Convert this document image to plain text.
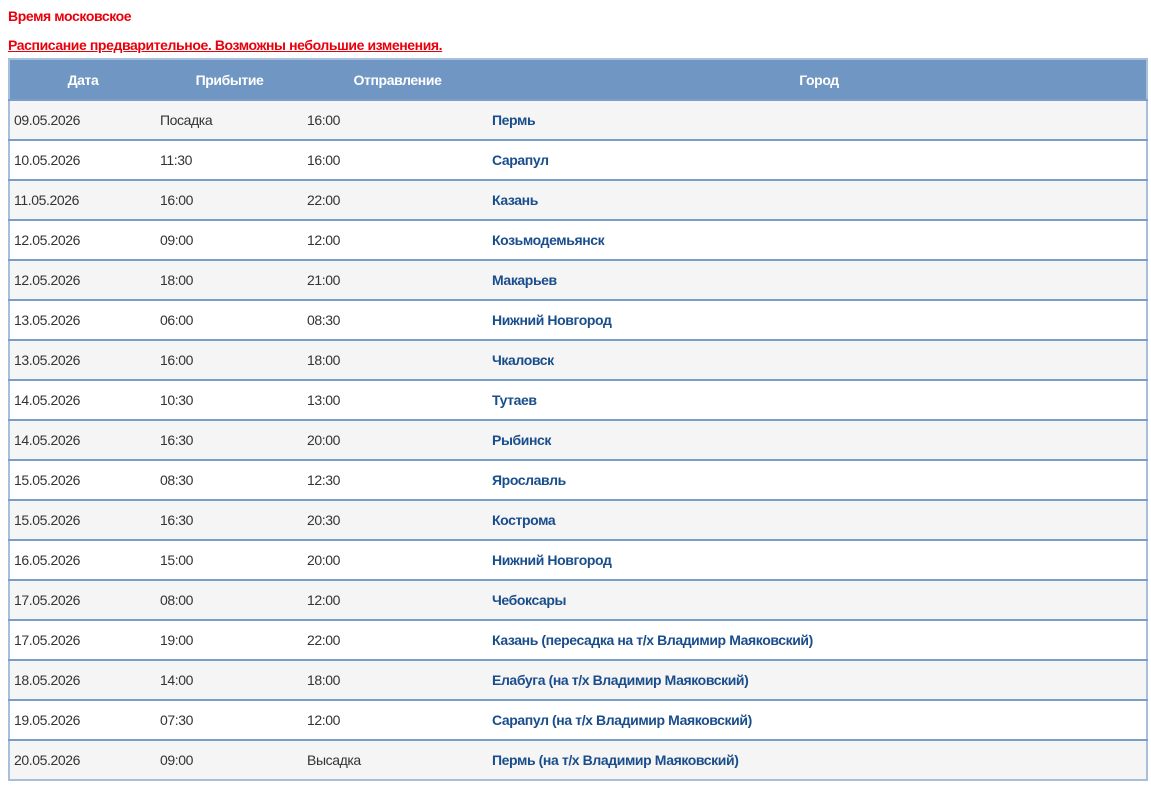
Время московское
Расписание предварительное. Возможны небольшие изменения.
Дата	Прибытие	Отправление	Город
09.05.2026	Посадка	16:00	Пермь
10.05.2026	11:30	16:00	Сарапул
11.05.2026	16:00	22:00	Казань
12.05.2026	09:00	12:00	Козьмодемьянск
12.05.2026	18:00	21:00	Макарьев
13.05.2026	06:00	08:30	Нижний Новгород
13.05.2026	16:00	18:00	Чкаловск
14.05.2026	10:30	13:00	Тутаев
14.05.2026	16:30	20:00	Рыбинск
15.05.2026	08:30	12:30	Ярославль
15.05.2026	16:30	20:30	Кострома
16.05.2026	15:00	20:00	Нижний Новгород
17.05.2026	08:00	12:00	Чебоксары
17.05.2026	19:00	22:00	Казань (пересадка на т/х Владимир Маяковский)
18.05.2026	14:00	18:00	Елабуга (на т/х Владимир Маяковский)
19.05.2026	07:30	12:00	Сарапул (на т/х Владимир Маяковский)
20.05.2026	09:00	Высадка	Пермь (на т/х Владимир Маяковский)
